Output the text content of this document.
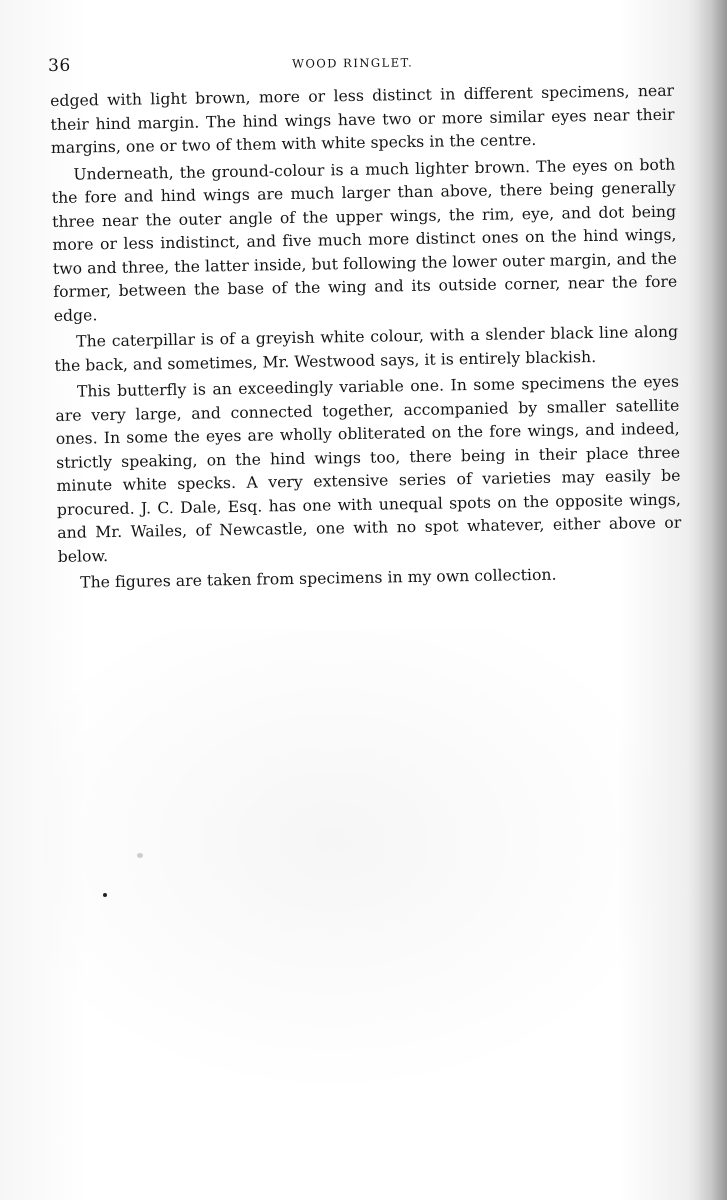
36	WOOD RINGLET.

edged with light brown, more or less distinct in different specimens, near their hind margin. The hind wings have two or more similar eyes near their margins, one or two of them with white specks in the centre.

Underneath, the ground-colour is a much lighter brown. The eyes on both the fore and hind wings are much larger than above, there being generally three near the outer angle of the upper wings, the rim, eye, and dot being more or less indistinct, and five much more distinct ones on the hind wings, two and three, the latter inside, but following the lower outer margin, and the former, between the base of the wing and its outside corner, near the fore edge.

The caterpillar is of a greyish white colour, with a slender black line along the back, and sometimes, Mr. Westwood says, it is entirely blackish.

This butterfly is an exceedingly variable one. In some specimens the eyes are very large, and connected together, accompanied by smaller satellite ones. In some the eyes are wholly obliterated on the fore wings, and indeed, strictly speaking, on the hind wings too, there being in their place three minute white specks. A very extensive series of varieties may easily be procured. J. C. Dale, Esq. has one with unequal spots on the opposite wings, and Mr. Wailes, of Newcastle, one with no spot whatever, either above or below.

The figures are taken from specimens in my own collection.
